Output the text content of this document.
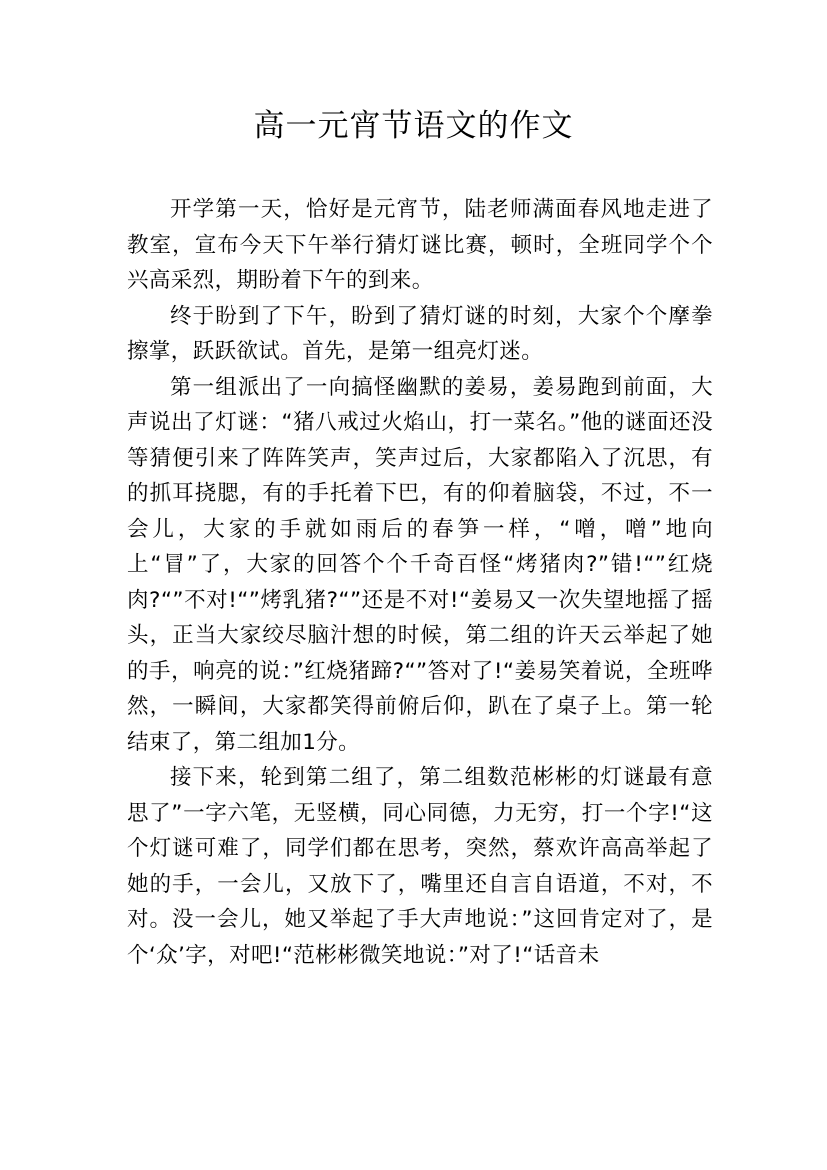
高一元宵节语文的作文

开学第一天，恰好是元宵节，陆老师满面春风地走进了教室，宣布今天下午举行猜灯谜比赛，顿时，全班同学个个兴高采烈，期盼着下午的到来。

终于盼到了下午，盼到了猜灯谜的时刻，大家个个摩拳擦掌，跃跃欲试。首先，是第一组亮灯迷。

第一组派出了一向搞怪幽默的姜易，姜易跑到前面，大声说出了灯谜：“猪八戒过火焰山，打一菜名。”他的谜面还没等猜便引来了阵阵笑声，笑声过后，大家都陷入了沉思，有的抓耳挠腮，有的手托着下巴，有的仰着脑袋，不过，不一会儿，大家的手就如雨后的春笋一样，“噌，噌”地向上“冒”了，大家的回答个个千奇百怪“烤猪肉?”错!“”红烧肉?“”不对!“”烤乳猪?“”还是不对!“姜易又一次失望地摇了摇头，正当大家绞尽脑汁想的时候，第二组的许天云举起了她的手，响亮的说：”红烧猪蹄?“”答对了!“姜易笑着说，全班哗然，一瞬间，大家都笑得前俯后仰，趴在了桌子上。第一轮结束了，第二组加1分。

接下来，轮到第二组了，第二组数范彬彬的灯谜最有意思了”一字六笔，无竖横，同心同德，力无穷，打一个字!“这个灯谜可难了，同学们都在思考，突然，蔡欢许高高举起了她的手，一会儿，又放下了，嘴里还自言自语道，不对，不对。没一会儿，她又举起了手大声地说：”这回肯定对了，是个‘众’字，对吧!“范彬彬微笑地说：”对了!“话音未
